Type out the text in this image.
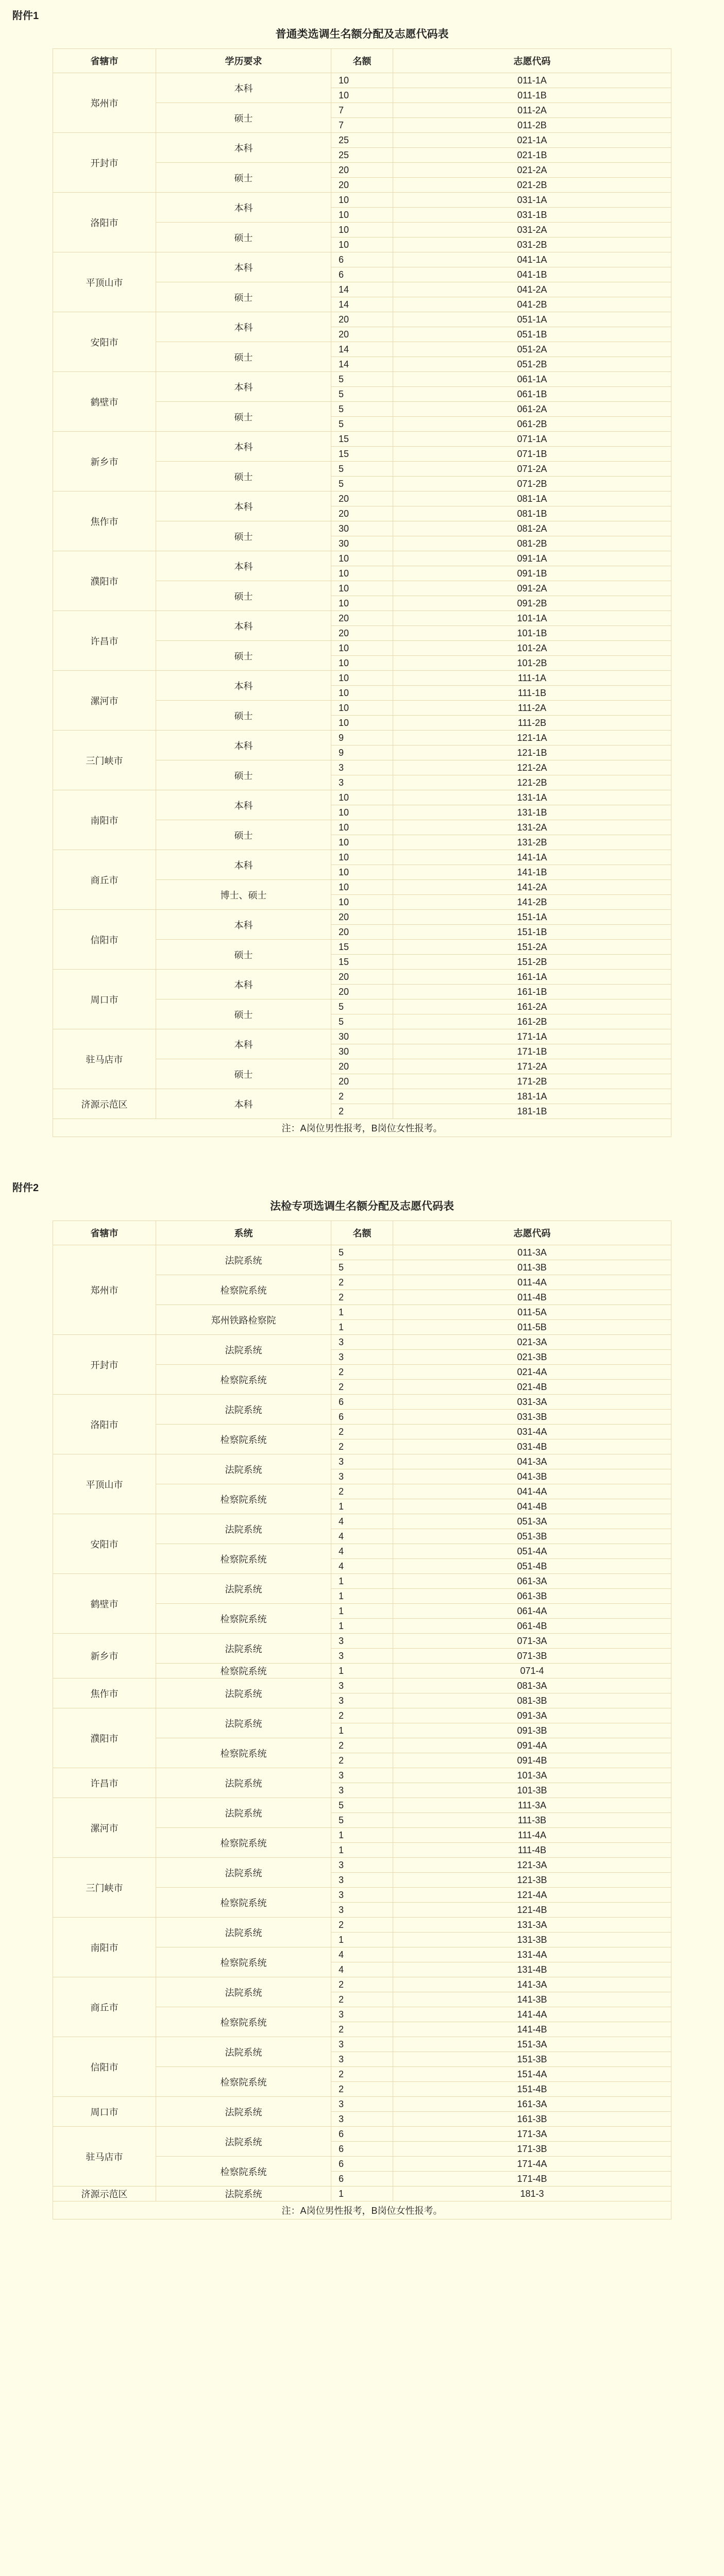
附件1
普通类选调生名额分配及志愿代码表
省辖市	学历要求	名额	志愿代码
郑州市	本科	10	011-1A
		10	011-1B
	硕士	7	011-2A
		7	011-2B
开封市	本科	25	021-1A
		25	021-1B
	硕士	20	021-2A
		20	021-2B
洛阳市	本科	10	031-1A
		10	031-1B
	硕士	10	031-2A
		10	031-2B
平顶山市	本科	6	041-1A
		6	041-1B
	硕士	14	041-2A
		14	041-2B
安阳市	本科	20	051-1A
		20	051-1B
	硕士	14	051-2A
		14	051-2B
鹤壁市	本科	5	061-1A
		5	061-1B
	硕士	5	061-2A
		5	061-2B
新乡市	本科	15	071-1A
		15	071-1B
	硕士	5	071-2A
		5	071-2B
焦作市	本科	20	081-1A
		20	081-1B
	硕士	30	081-2A
		30	081-2B
濮阳市	本科	10	091-1A
		10	091-1B
	硕士	10	091-2A
		10	091-2B
许昌市	本科	20	101-1A
		20	101-1B
	硕士	10	101-2A
		10	101-2B
漯河市	本科	10	111-1A
		10	111-1B
	硕士	10	111-2A
		10	111-2B
三门峡市	本科	9	121-1A
		9	121-1B
	硕士	3	121-2A
		3	121-2B
南阳市	本科	10	131-1A
		10	131-1B
	硕士	10	131-2A
		10	131-2B
商丘市	本科	10	141-1A
		10	141-1B
	博士、硕士	10	141-2A
		10	141-2B
信阳市	本科	20	151-1A
		20	151-1B
	硕士	15	151-2A
		15	151-2B
周口市	本科	20	161-1A
		20	161-1B
	硕士	5	161-2A
		5	161-2B
驻马店市	本科	30	171-1A
		30	171-1B
	硕士	20	171-2A
		20	171-2B
济源示范区	本科	2	181-1A
		2	181-1B
注：A岗位男性报考，B岗位女性报考。			
附件2
法检专项选调生名额分配及志愿代码表
省辖市	系统	名额	志愿代码
郑州市	法院系统	5	011-3A
		5	011-3B
	检察院系统	2	011-4A
		2	011-4B
	郑州铁路检察院	1	011-5A
		1	011-5B
开封市	法院系统	3	021-3A
		3	021-3B
	检察院系统	2	021-4A
		2	021-4B
洛阳市	法院系统	6	031-3A
		6	031-3B
	检察院系统	2	031-4A
		2	031-4B
平顶山市	法院系统	3	041-3A
		3	041-3B
	检察院系统	2	041-4A
		1	041-4B
安阳市	法院系统	4	051-3A
		4	051-3B
	检察院系统	4	051-4A
		4	051-4B
鹤壁市	法院系统	1	061-3A
		1	061-3B
	检察院系统	1	061-4A
		1	061-4B
新乡市	法院系统	3	071-3A
		3	071-3B
	检察院系统	1	071-4
焦作市	法院系统	3	081-3A
		3	081-3B
濮阳市	法院系统	2	091-3A
		1	091-3B
	检察院系统	2	091-4A
		2	091-4B
许昌市	法院系统	3	101-3A
		3	101-3B
漯河市	法院系统	5	111-3A
		5	111-3B
	检察院系统	1	111-4A
		1	111-4B
三门峡市	法院系统	3	121-3A
		3	121-3B
	检察院系统	3	121-4A
		3	121-4B
南阳市	法院系统	2	131-3A
		1	131-3B
	检察院系统	4	131-4A
		4	131-4B
商丘市	法院系统	2	141-3A
		2	141-3B
	检察院系统	3	141-4A
		2	141-4B
信阳市	法院系统	3	151-3A
		3	151-3B
	检察院系统	2	151-4A
		2	151-4B
周口市	法院系统	3	161-3A
		3	161-3B
驻马店市	法院系统	6	171-3A
		6	171-3B
	检察院系统	6	171-4A
		6	171-4B
济源示范区	法院系统	1	181-3
注：A岗位男性报考，B岗位女性报考。			
